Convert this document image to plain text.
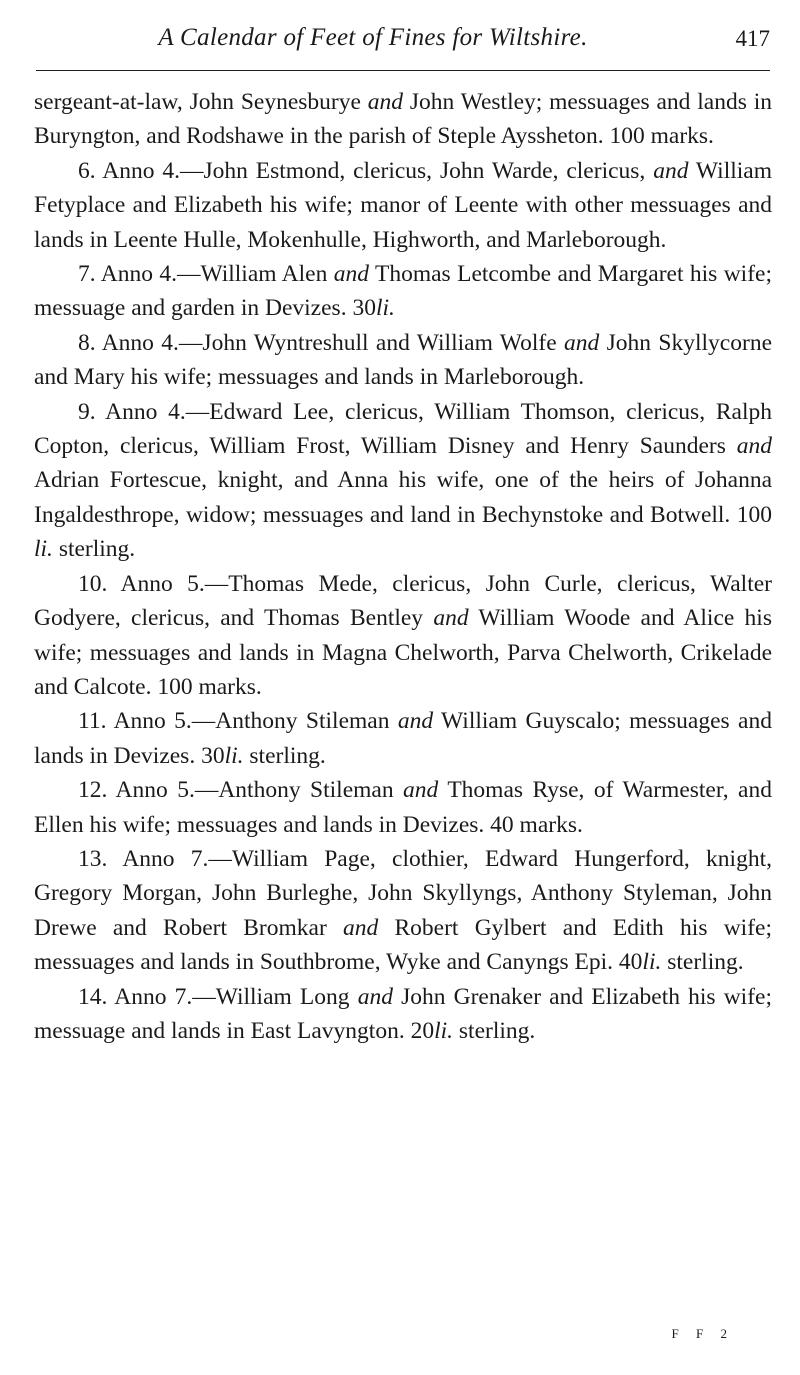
A Calendar of Feet of Fines for Wiltshire.	417

sergeant-at-law, John Seynesburye and John Westley; messuages and lands in Buryngton, and Rodshawe in the parish of Steple Ayssheton. 100 marks.

6. Anno 4.—John Estmond, clericus, John Warde, clericus, and William Fetyplace and Elizabeth his wife; manor of Leente with other messuages and lands in Leente Hulle, Mokenhulle, Highworth, and Marleborough.

7. Anno 4.—William Alen and Thomas Letcombe and Margaret his wife; messuage and garden in Devizes. 30li.

8. Anno 4.—John Wyntreshull and William Wolfe and John Skyllycorne and Mary his wife; messuages and lands in Marleborough.

9. Anno 4.—Edward Lee, clericus, William Thomson, clericus, Ralph Copton, clericus, William Frost, William Disney and Henry Saunders and Adrian Fortescue, knight, and Anna his wife, one of the heirs of Johanna Ingaldesthrope, widow; messuages and land in Bechynstoke and Botwell. 100 li. sterling.

10. Anno 5.—Thomas Mede, clericus, John Curle, clericus, Walter Godyere, clericus, and Thomas Bentley and William Woode and Alice his wife; messuages and lands in Magna Chelworth, Parva Chelworth, Crikelade and Calcote. 100 marks.

11. Anno 5.—Anthony Stileman and William Guyscalo; messuages and lands in Devizes. 30li. sterling.

12. Anno 5.—Anthony Stileman and Thomas Ryse, of Warmester, and Ellen his wife; messuages and lands in Devizes. 40 marks.

13. Anno 7.—William Page, clothier, Edward Hungerford, knight, Gregory Morgan, John Burleghe, John Skyllyngs, Anthony Styleman, John Drewe and Robert Bromkar and Robert Gylbert and Edith his wife; messuages and lands in Southbrome, Wyke and Canyngs Epi. 40li. sterling.

14. Anno 7.—William Long and John Grenaker and Elizabeth his wife; messuage and lands in East Lavyngton. 20li. sterling.

F F 2
